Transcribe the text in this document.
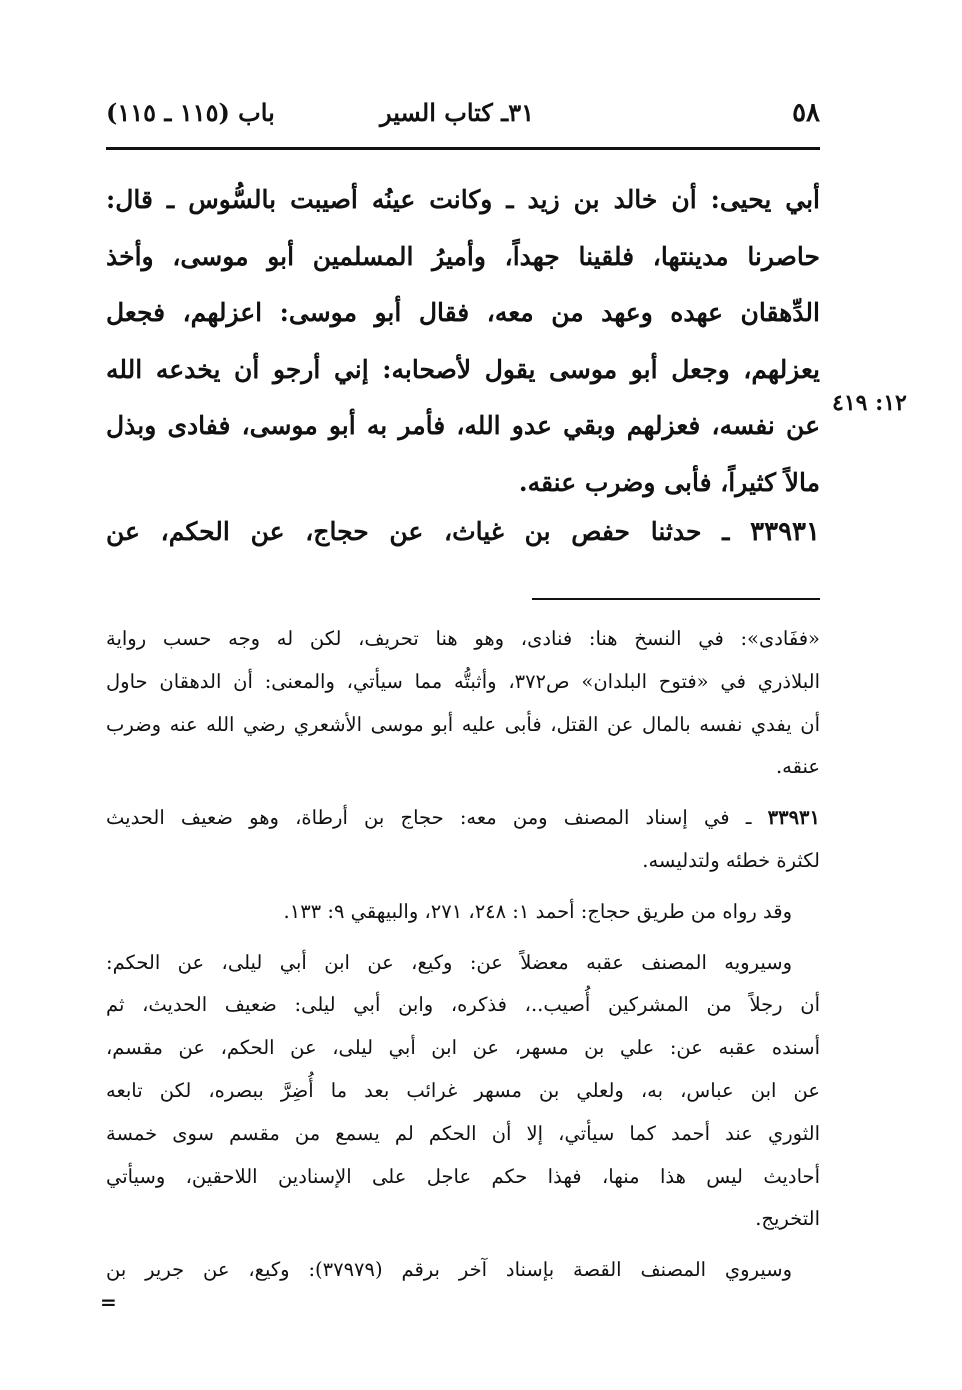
٥٨
٣١ـ كتاب السير
باب (١١٥ ـ ١١٥)
أبي يحيى: أن خالد بن زيد ـ وكانت عينُه أصيبت بالسُّوس ـ قال:
حاصرنا مدينتها، فلقينا جهداً، وأميرُ المسلمين أبو موسى، وأخذ
الدِّهقان عهده وعهد من معه، فقال أبو موسى: اعزلهم، فجعل
يعزلهم، وجعل أبو موسى يقول لأصحابه: إني أرجو أن يخدعه الله
عن نفسه، فعزلهم وبقي عدو الله، فأمر به أبو موسى، ففادى وبذل
مالاً كثيراً، فأبى وضرب عنقه.
١٢: ٤١٩
٣٣٩٣١ ـ حدثنا حفص بن غياث، عن حجاج، عن الحكم، عن
«ففَادى»: في النسخ هنا: فنادى، وهو هنا تحريف، لكن له وجه حسب رواية
البلاذري في «فتوح البلدان» ص٣٧٢، وأثبتُّه مما سيأتي، والمعنى: أن الدهقان حاول
أن يفدي نفسه بالمال عن القتل، فأبى عليه أبو موسى الأشعري رضي الله عنه وضرب
عنقه.
٣٣٩٣١ ـ في إسناد المصنف ومن معه: حجاج بن أرطاة، وهو ضعيف الحديث
لكثرة خطئه ولتدليسه.
وقد رواه من طريق حجاج: أحمد ١: ٢٤٨، ٢٧١، والبيهقي ٩: ١٣٣.
وسيرويه المصنف عقبه معضلاً عن: وكيع، عن ابن أبي ليلى، عن الحكم:
أن رجلاً من المشركين أُصيب..، فذكره، وابن أبي ليلى: ضعيف الحديث، ثم
أسنده عقبه عن: علي بن مسهر، عن ابن أبي ليلى، عن الحكم، عن مقسم،
عن ابن عباس، به، ولعلي بن مسهر غرائب بعد ما أُضِرَّ ببصره، لكن تابعه
الثوري عند أحمد كما سيأتي، إلا أن الحكم لم يسمع من مقسم سوى خمسة
أحاديث ليس هذا منها، فهذا حكم عاجل على الإسنادين اللاحقين، وسيأتي
التخريج.
وسيروي المصنف القصة بإسناد آخر برقم (٣٧٩٧٩): وكيع، عن جرير بن
=
